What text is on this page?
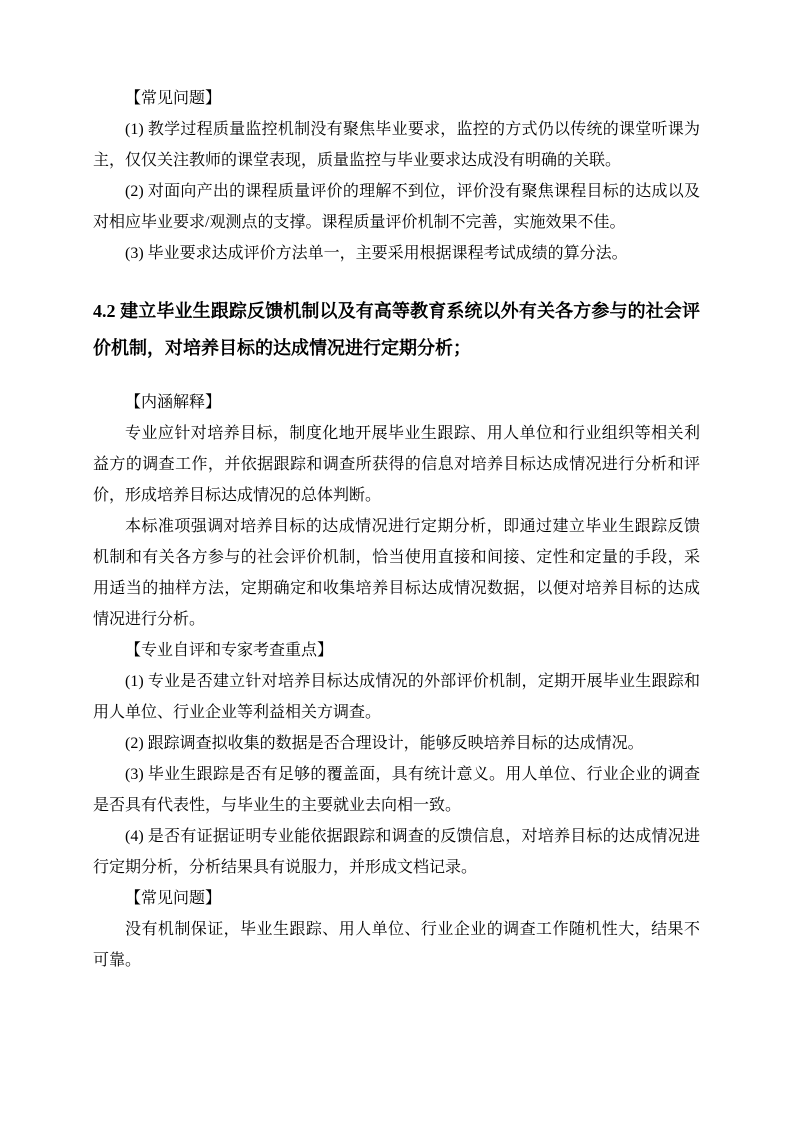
【常见问题】

(1) 教学过程质量监控机制没有聚焦毕业要求，监控的方式仍以传统的课堂听课为主，仅仅关注教师的课堂表现，质量监控与毕业要求达成没有明确的关联。

(2) 对面向产出的课程质量评价的理解不到位，评价没有聚焦课程目标的达成以及对相应毕业要求/观测点的支撑。课程质量评价机制不完善，实施效果不佳。

(3) 毕业要求达成评价方法单一，主要采用根据课程考试成绩的算分法。

4.2 建立毕业生跟踪反馈机制以及有高等教育系统以外有关各方参与的社会评价机制，对培养目标的达成情况进行定期分析；

【内涵解释】

专业应针对培养目标，制度化地开展毕业生跟踪、用人单位和行业组织等相关利益方的调查工作，并依据跟踪和调查所获得的信息对培养目标达成情况进行分析和评价，形成培养目标达成情况的总体判断。

本标准项强调对培养目标的达成情况进行定期分析，即通过建立毕业生跟踪反馈机制和有关各方参与的社会评价机制，恰当使用直接和间接、定性和定量的手段，采用适当的抽样方法，定期确定和收集培养目标达成情况数据，以便对培养目标的达成情况进行分析。

【专业自评和专家考查重点】

(1) 专业是否建立针对培养目标达成情况的外部评价机制，定期开展毕业生跟踪和用人单位、行业企业等利益相关方调查。

(2) 跟踪调查拟收集的数据是否合理设计，能够反映培养目标的达成情况。

(3) 毕业生跟踪是否有足够的覆盖面，具有统计意义。用人单位、行业企业的调查是否具有代表性，与毕业生的主要就业去向相一致。

(4) 是否有证据证明专业能依据跟踪和调查的反馈信息，对培养目标的达成情况进行定期分析，分析结果具有说服力，并形成文档记录。

【常见问题】

没有机制保证，毕业生跟踪、用人单位、行业企业的调查工作随机性大，结果不可靠。
